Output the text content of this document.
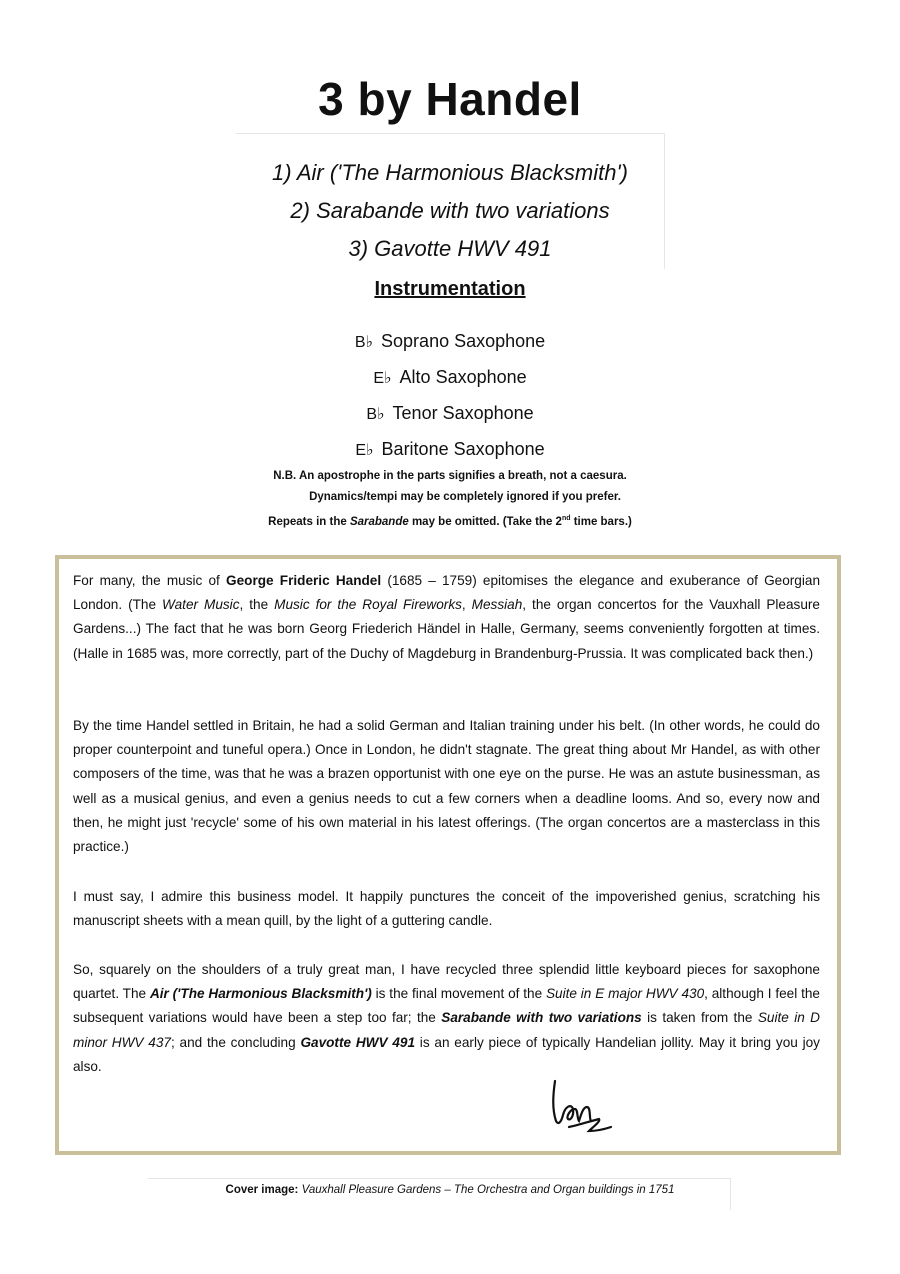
3 by Handel
1) Air ('The Harmonious Blacksmith')
2) Sarabande with two variations
3) Gavotte HWV 491
Instrumentation
B♭ Soprano Saxophone
E♭ Alto Saxophone
B♭ Tenor Saxophone
E♭ Baritone Saxophone
N.B. An apostrophe in the parts signifies a breath, not a caesura.
Dynamics/tempi may be completely ignored if you prefer.
Repeats in the Sarabande may be omitted. (Take the 2nd time bars.)
For many, the music of George Frideric Handel (1685 – 1759) epitomises the elegance and exuberance of Georgian London. (The Water Music, the Music for the Royal Fireworks, Messiah, the organ concertos for the Vauxhall Pleasure Gardens...) The fact that he was born Georg Friederich Händel in Halle, Germany, seems conveniently forgotten at times. (Halle in 1685 was, more correctly, part of the Duchy of Magdeburg in Brandenburg-Prussia. It was complicated back then.)
By the time Handel settled in Britain, he had a solid German and Italian training under his belt. (In other words, he could do proper counterpoint and tuneful opera.) Once in London, he didn't stagnate. The great thing about Mr Handel, as with other composers of the time, was that he was a brazen opportunist with one eye on the purse. He was an astute businessman, as well as a musical genius, and even a genius needs to cut a few corners when a deadline looms. And so, every now and then, he might just 'recycle' some of his own material in his latest offerings. (The organ concertos are a masterclass in this practice.)
I must say, I admire this business model. It happily punctures the conceit of the impoverished genius, scratching his manuscript sheets with a mean quill, by the light of a guttering candle.
So, squarely on the shoulders of a truly great man, I have recycled three splendid little keyboard pieces for saxophone quartet. The Air ('The Harmonious Blacksmith') is the final movement of the Suite in E major HWV 430, although I feel the subsequent variations would have been a step too far; the Sarabande with two variations is taken from the Suite in D minor HWV 437; and the concluding Gavotte HWV 491 is an early piece of typically Handelian jollity. May it bring you joy also.
Cover image: Vauxhall Pleasure Gardens – The Orchestra and Organ buildings in 1751
